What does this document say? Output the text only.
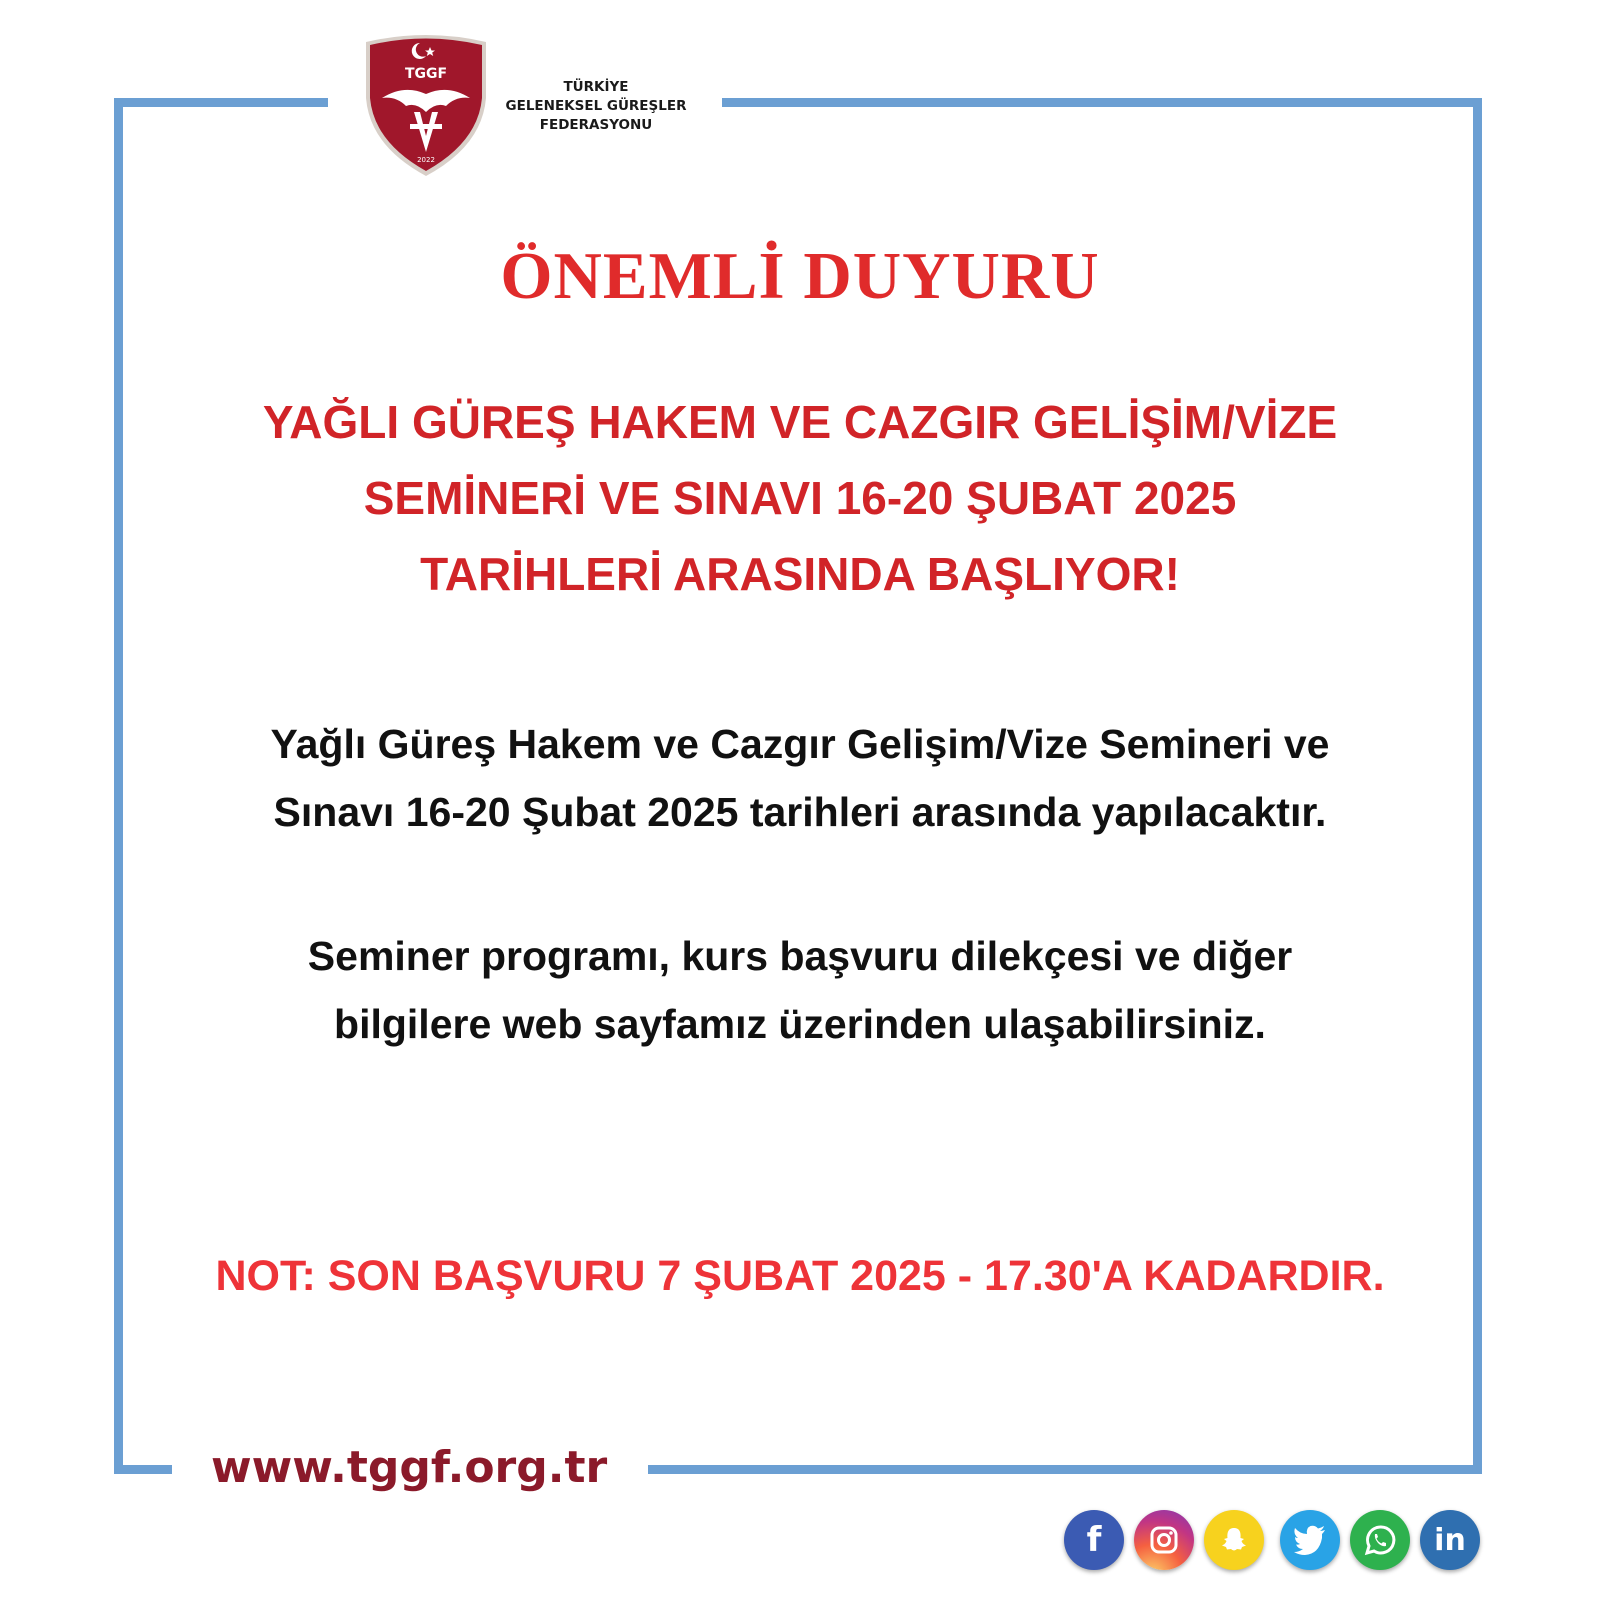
TGGF
2022
TÜRKİYE
GELENEKSEL GÜREŞLER
FEDERASYONU
ÖNEMLİ DUYURU
YAĞLI GÜREŞ HAKEM VE CAZGIR GELİŞİM/VİZE
SEMİNERİ VE SINAVI 16-20 ŞUBAT 2025
TARİHLERİ ARASINDA BAŞLIYOR!
Yağlı Güreş Hakem ve Cazgır Gelişim/Vize Semineri ve
Sınavı 16-20 Şubat 2025 tarihleri arasında yapılacaktır.
Seminer programı, kurs başvuru dilekçesi ve diğer
bilgilere web sayfamız üzerinden ulaşabilirsiniz.
NOT: SON BAŞVURU 7 ŞUBAT 2025 - 17.30'A KADARDIR.
www.tggf.org.tr
f	in
